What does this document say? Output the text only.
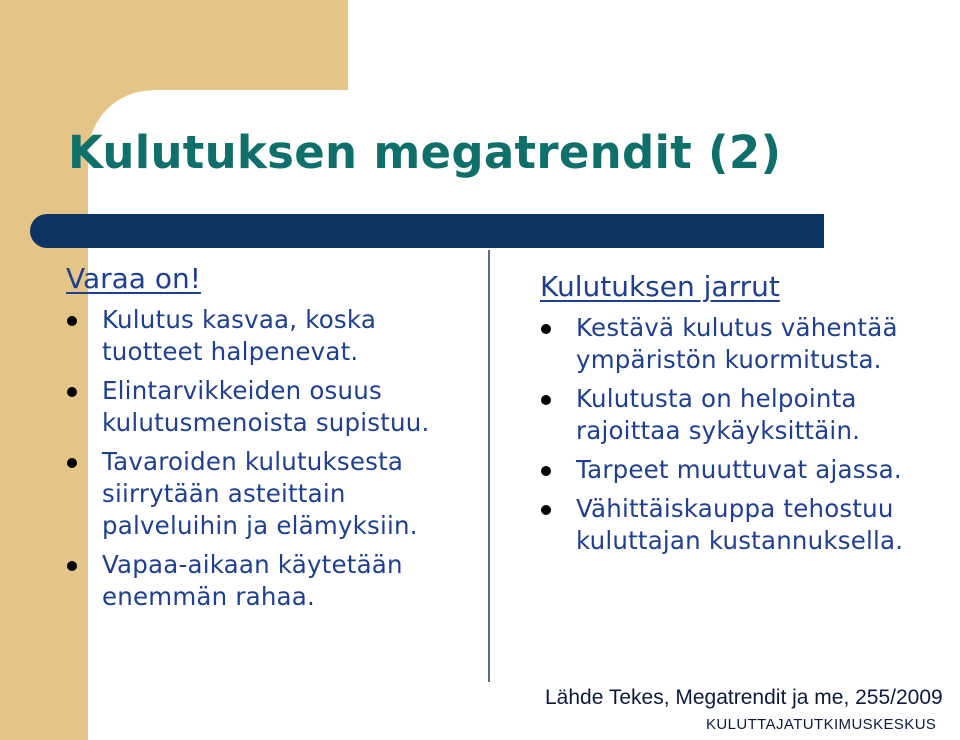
Kulutuksen megatrendit (2)
Varaa on!
Kulutus kasvaa, koska tuotteet halpenevat.
Elintarvikkeiden osuus kulutusmenoista supistuu.
Tavaroiden kulutuksesta siirrytään asteittain palveluihin ja elämyksiin.
Vapaa-aikaan käytetään enemmän rahaa.
Kulutuksen jarrut
Kestävä kulutus vähentää ympäristön kuormitusta.
Kulutusta on helpointa rajoittaa sykäyksittäin.
Tarpeet muuttuvat ajassa.
Vähittäiskauppa tehostuu kuluttajan kustannuksella.
Lähde Tekes, Megatrendit ja me, 255/2009
KULUTTAJATUTKIMUSKESKUS
